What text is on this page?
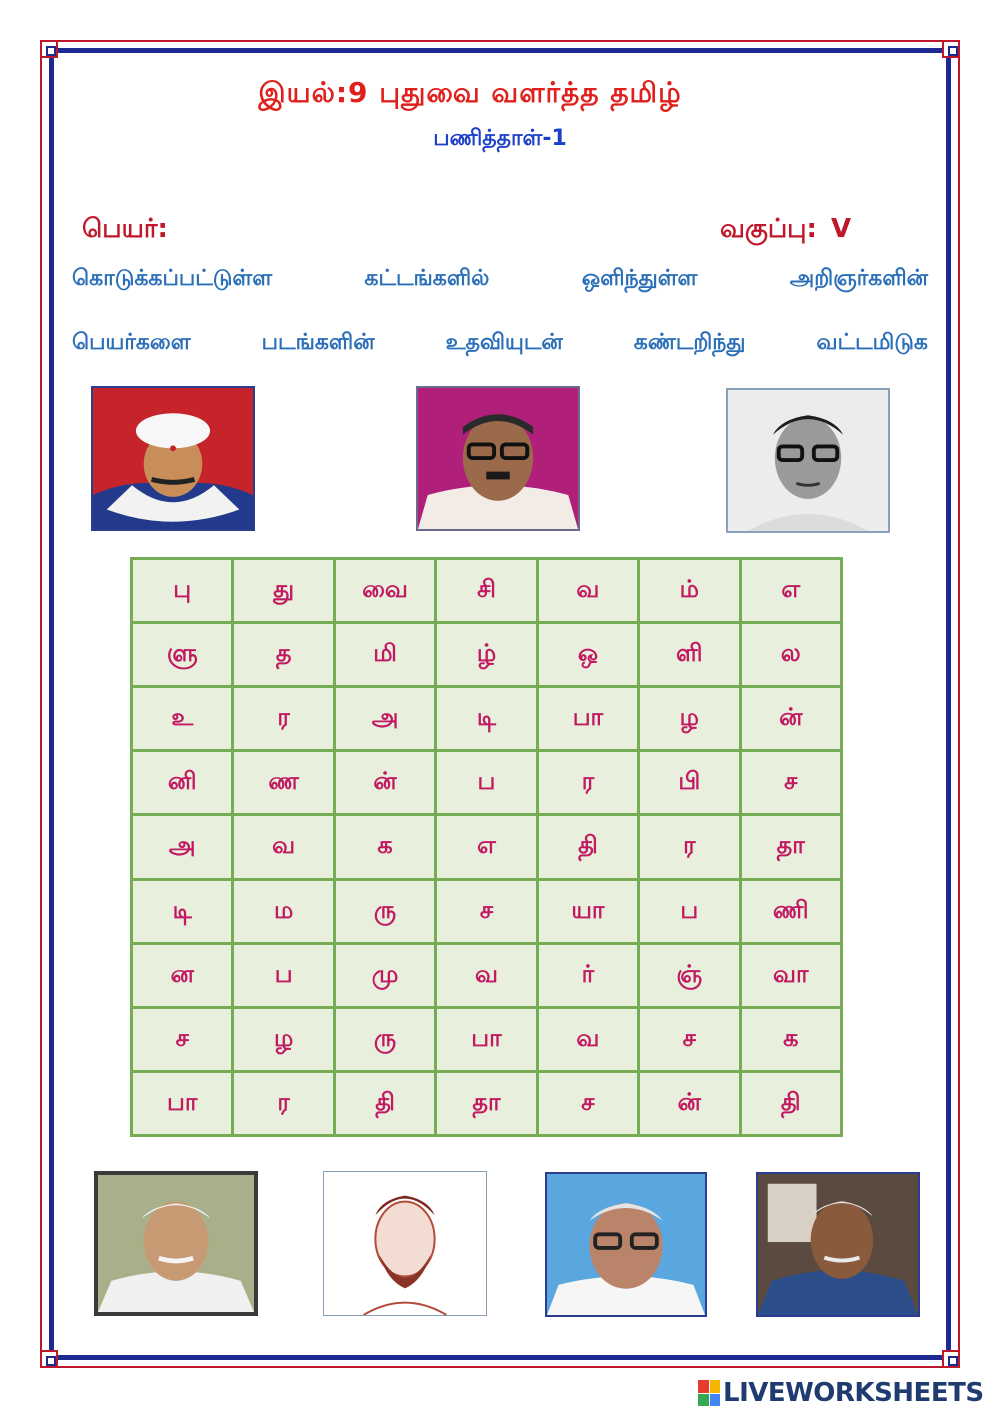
இயல்:9 புதுவை வளர்த்த தமிழ்
பணித்தாள்-1
பெயர்:	வகுப்பு: V

கொடுக்கப்பட்டுள்ள கட்டங்களில் ஒளிந்துள்ள அறிஞர்களின்

பெயர்களை படங்களின் உதவியுடன் கண்டறிந்து வட்டமிடுக

பு	து	வை	சி	வ	ம்	எ
ளு	த	மி	ழ்	ஒ	ளி	ல
உ	ர	அ	டி	பா	ழ	ன்
னி	ண	ன்	ப	ர	பி	ச
அ	வ	க	எ	தி	ர	தா
டி	ம	ரு	ச	யா	ப	ணி
ன	ப	மு	வ	ர்	ஞ்	வா
ச	ழ	ரு	பா	வ	ச	க
பா	ர	தி	தா	ச	ன்	தி
LIVEWORKSHEETS
